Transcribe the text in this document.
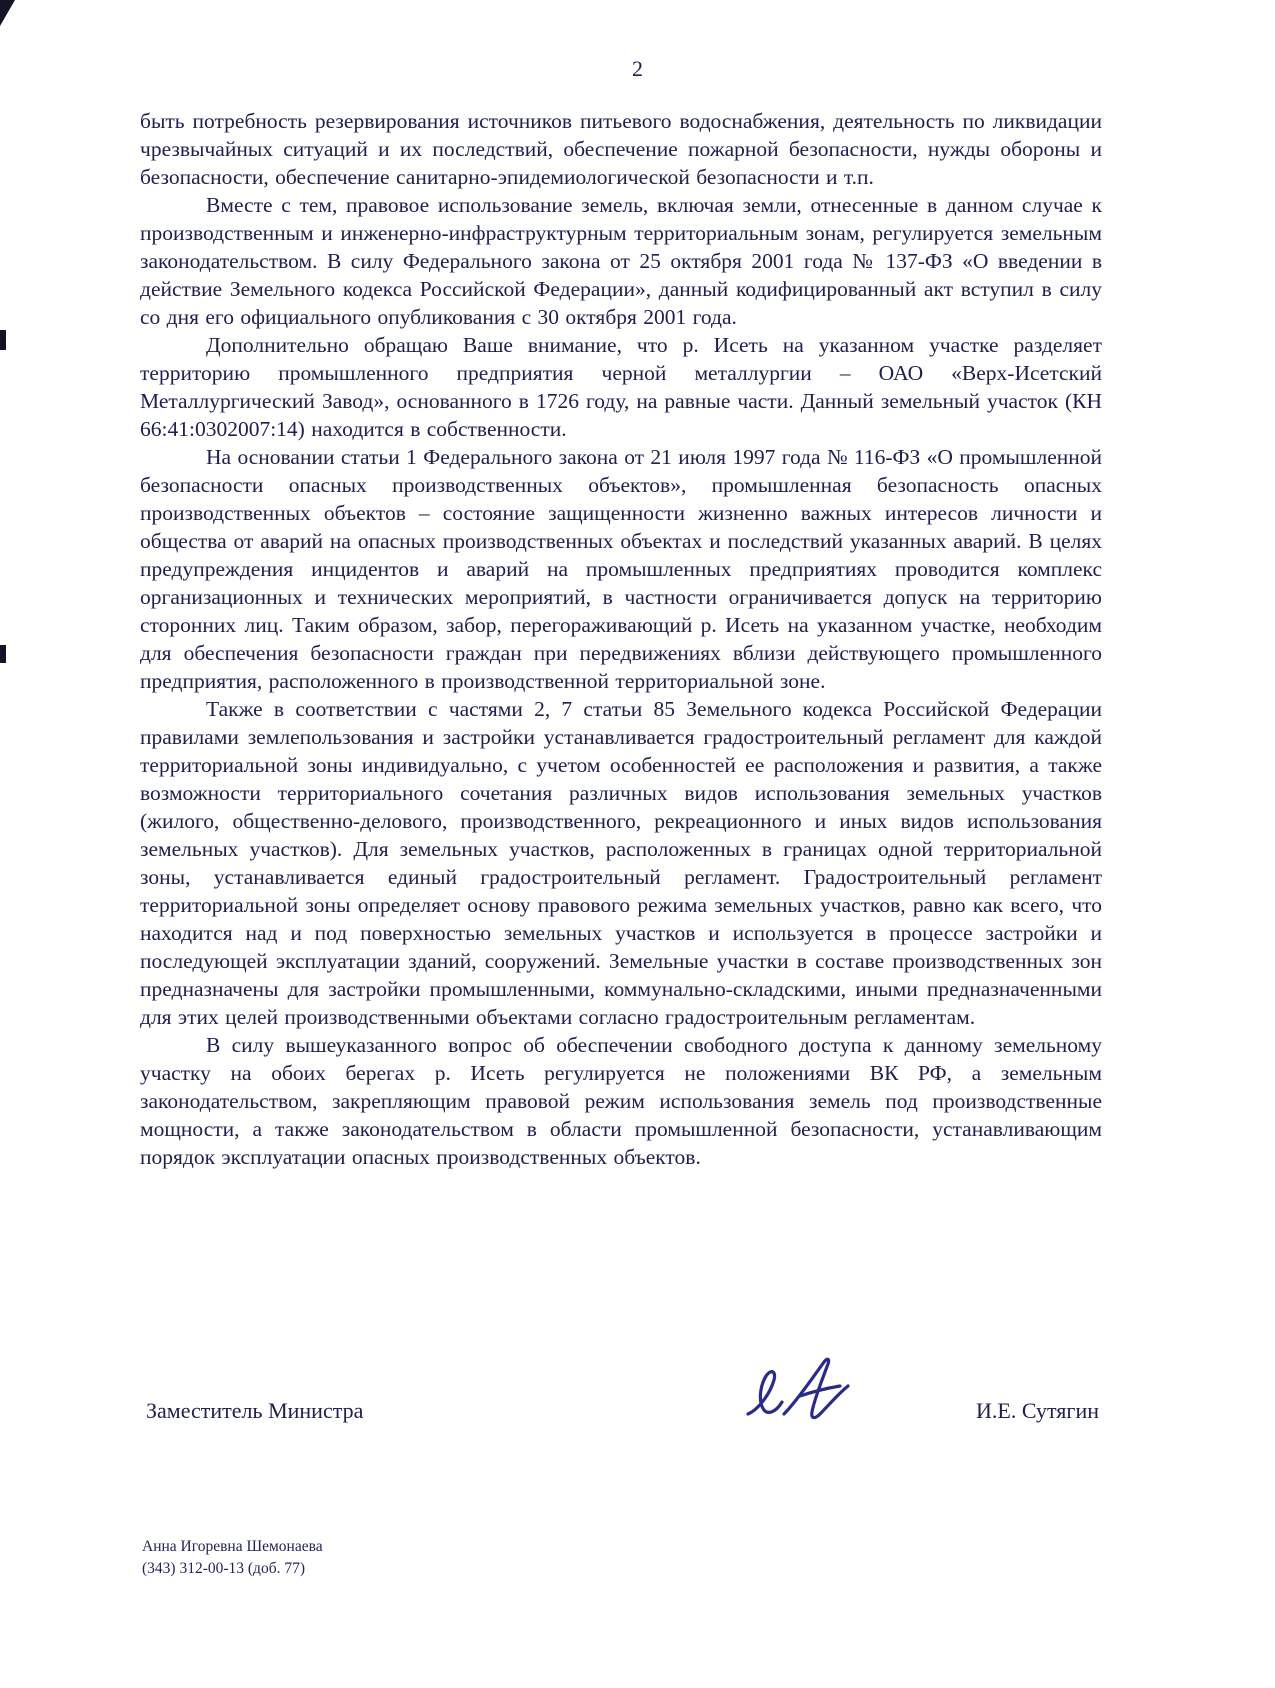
2

быть потребность резервирования источников питьевого водоснабжения, деятельность по ликвидации чрезвычайных ситуаций и их последствий, обеспечение пожарной безопасности, нужды обороны и безопасности, обеспечение санитарно-эпидемиологической безопасности и т.п.

Вместе с тем, правовое использование земель, включая земли, отнесенные в данном случае к производственным и инженерно-инфраструктурным территориальным зонам, регулируется земельным законодательством. В силу Федерального закона от 25 октября 2001 года № 137-ФЗ «О введении в действие Земельного кодекса Российской Федерации», данный кодифицированный акт вступил в силу со дня его официального опубликования с 30 октября 2001 года.

Дополнительно обращаю Ваше внимание, что р. Исеть на указанном участке разделяет территорию промышленного предприятия черной металлургии – ОАО «Верх-Исетский Металлургический Завод», основанного в 1726 году, на равные части. Данный земельный участок (КН 66:41:0302007:14) находится в собственности.

На основании статьи 1 Федерального закона от 21 июля 1997 года № 116-ФЗ «О промышленной безопасности опасных производственных объектов», промышленная безопасность опасных производственных объектов – состояние защищенности жизненно важных интересов личности и общества от аварий на опасных производственных объектах и последствий указанных аварий. В целях предупреждения инцидентов и аварий на промышленных предприятиях проводится комплекс организационных и технических мероприятий, в частности ограничивается допуск на территорию сторонних лиц. Таким образом, забор, перегораживающий р. Исеть на указанном участке, необходим для обеспечения безопасности граждан при передвижениях вблизи действующего промышленного предприятия, расположенного в производственной территориальной зоне.

Также в соответствии с частями 2, 7 статьи 85 Земельного кодекса Российской Федерации правилами землепользования и застройки устанавливается градостроительный регламент для каждой территориальной зоны индивидуально, с учетом особенностей ее расположения и развития, а также возможности территориального сочетания различных видов использования земельных участков (жилого, общественно-делового, производственного, рекреационного и иных видов использования земельных участков). Для земельных участков, расположенных в границах одной территориальной зоны, устанавливается единый градостроительный регламент. Градостроительный регламент территориальной зоны определяет основу правового режима земельных участков, равно как всего, что находится над и под поверхностью земельных участков и используется в процессе застройки и последующей эксплуатации зданий, сооружений. Земельные участки в составе производственных зон предназначены для застройки промышленными, коммунально-складскими, иными предназначенными для этих целей производственными объектами согласно градостроительным регламентам.

В силу вышеуказанного вопрос об обеспечении свободного доступа к данному земельному участку на обоих берегах р. Исеть регулируется не положениями ВК РФ, а земельным законодательством, закрепляющим правовой режим использования земель под производственные мощности, а также законодательством в области промышленной безопасности, устанавливающим порядок эксплуатации опасных производственных объектов.

Заместитель Министра	И.Е. Сутягин
Анна Игоревна Шемонаева
(343) 312-00-13 (доб. 77)
